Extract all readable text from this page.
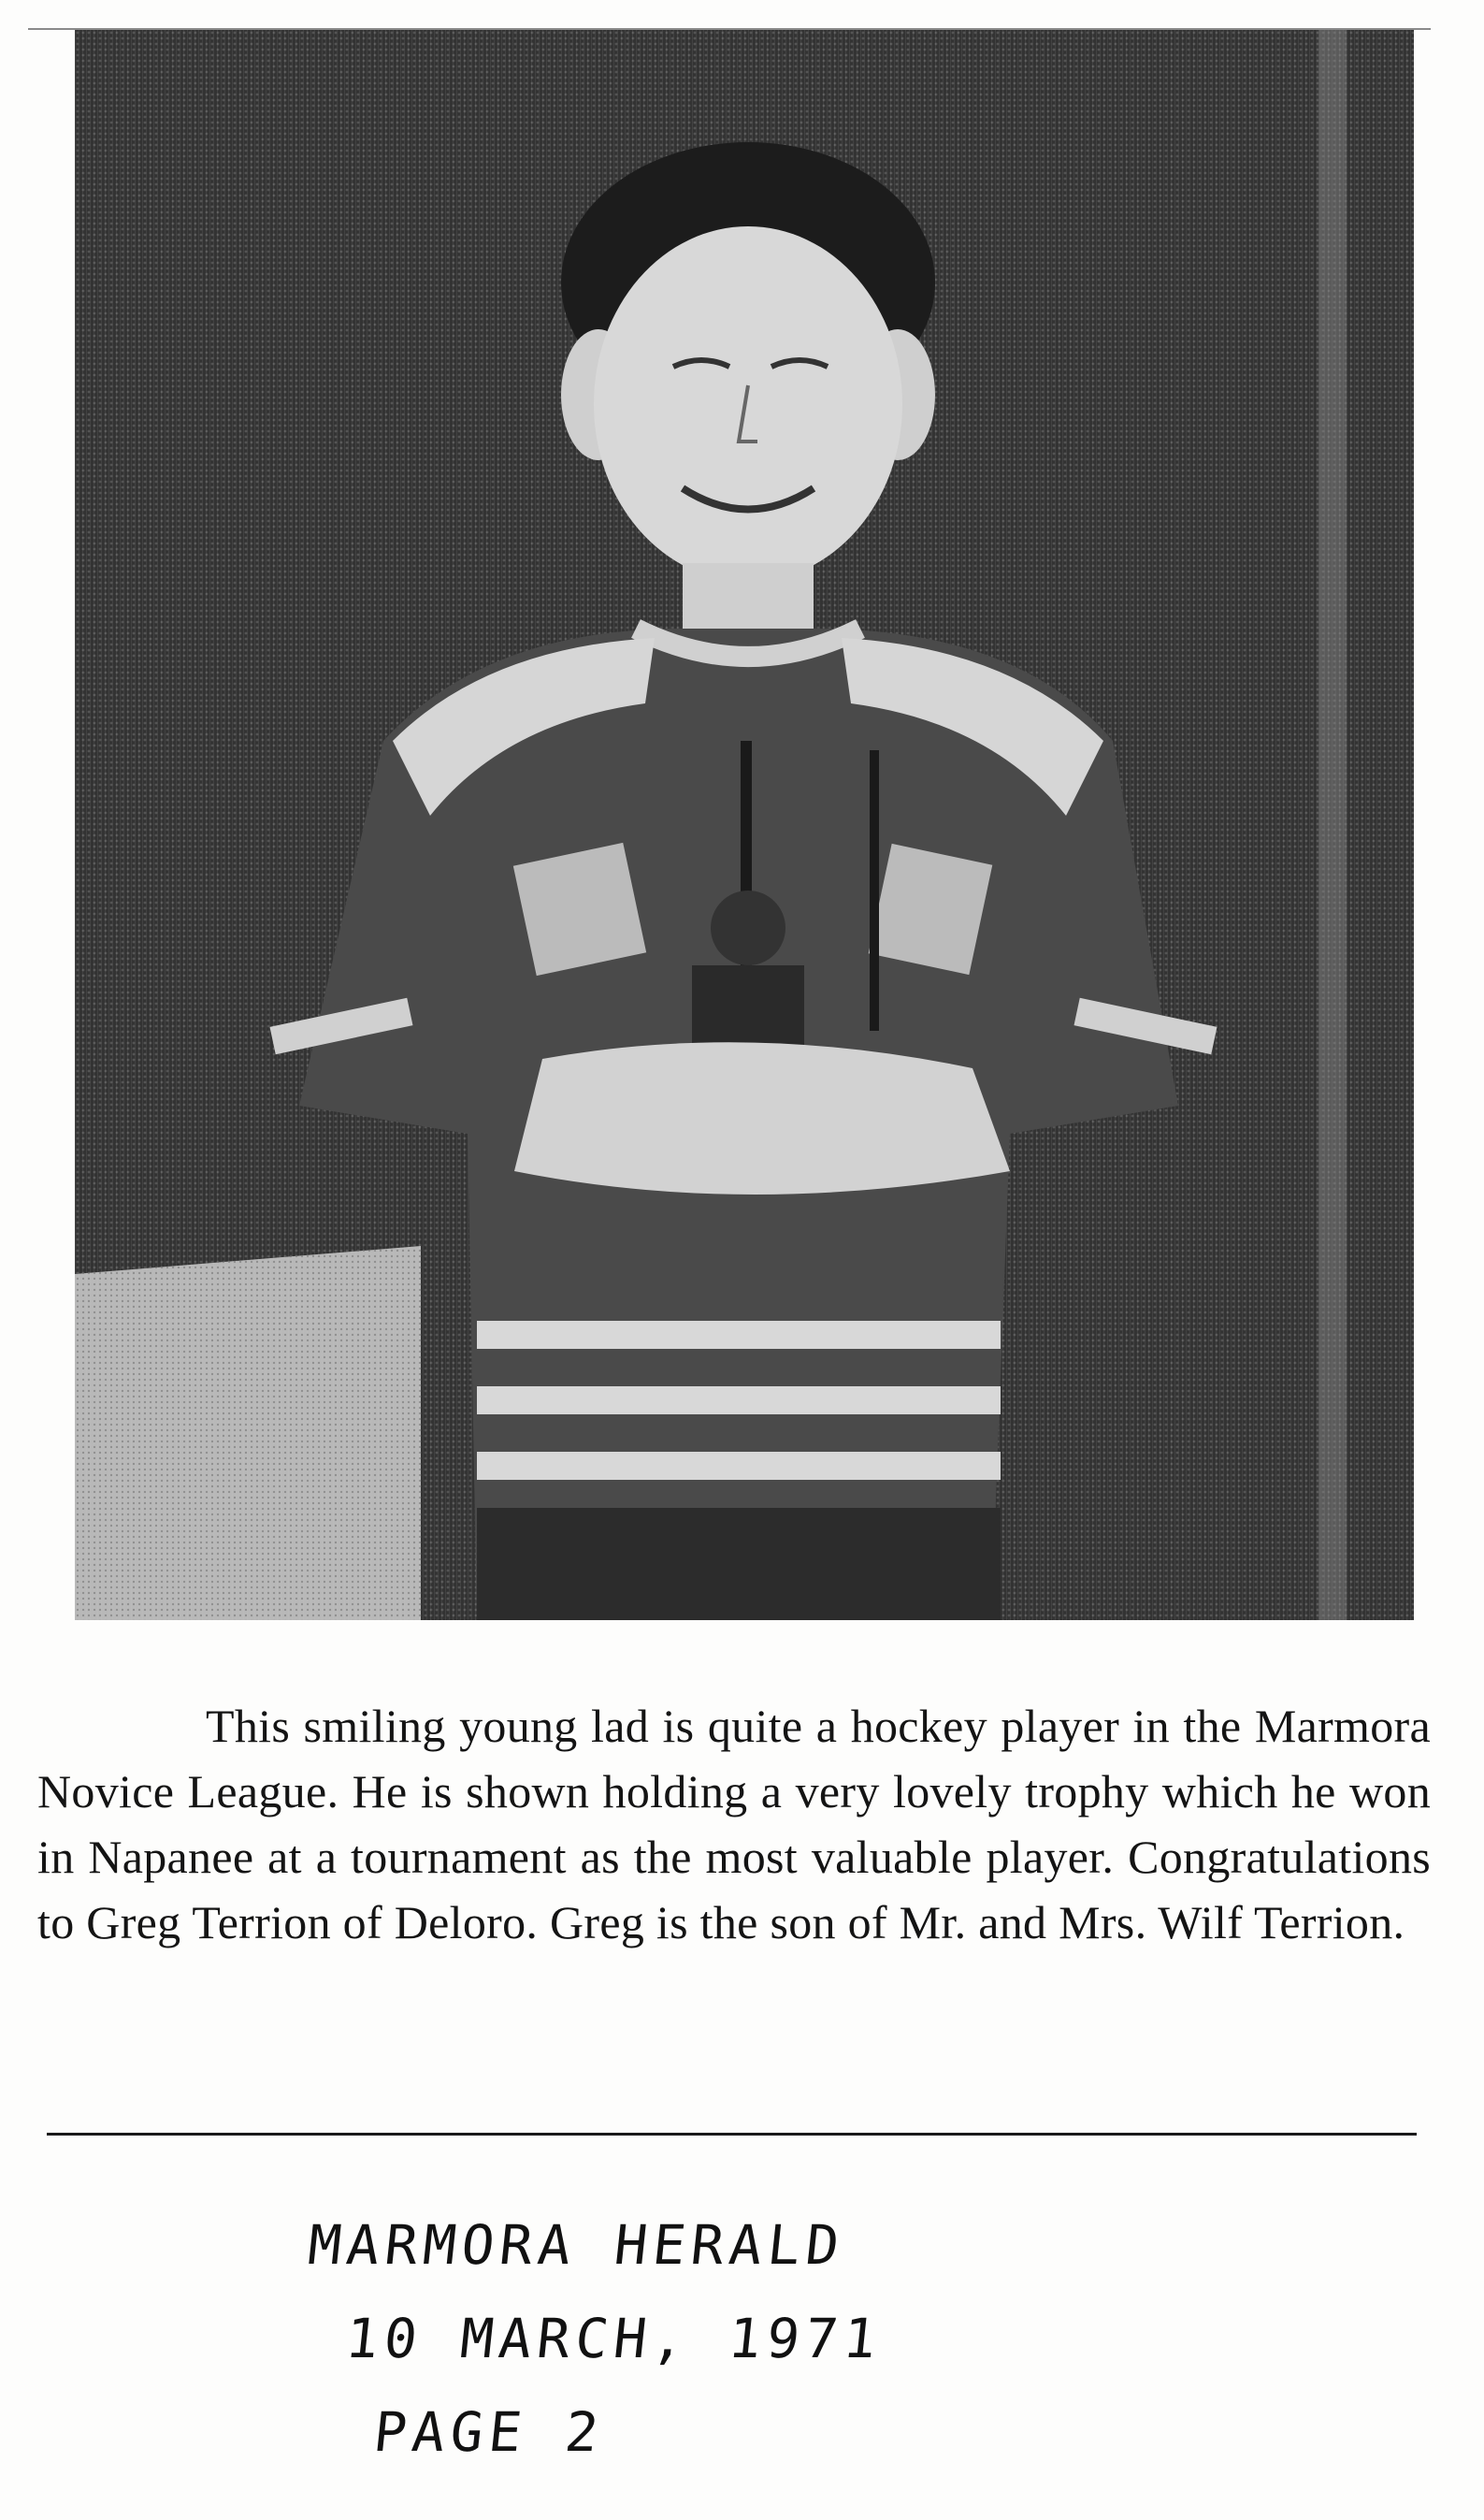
This smiling young lad is quite a hockey player in the Marmora Novice League. He is shown holding a very lovely trophy which he won in Napanee at a tournament as the most valuable player. Congratulations to Greg Terrion of Deloro. Greg is the son of Mr. and Mrs. Wilf Terrion.

MARMORA HERALD
10 MARCH, 1971
PAGE 2
